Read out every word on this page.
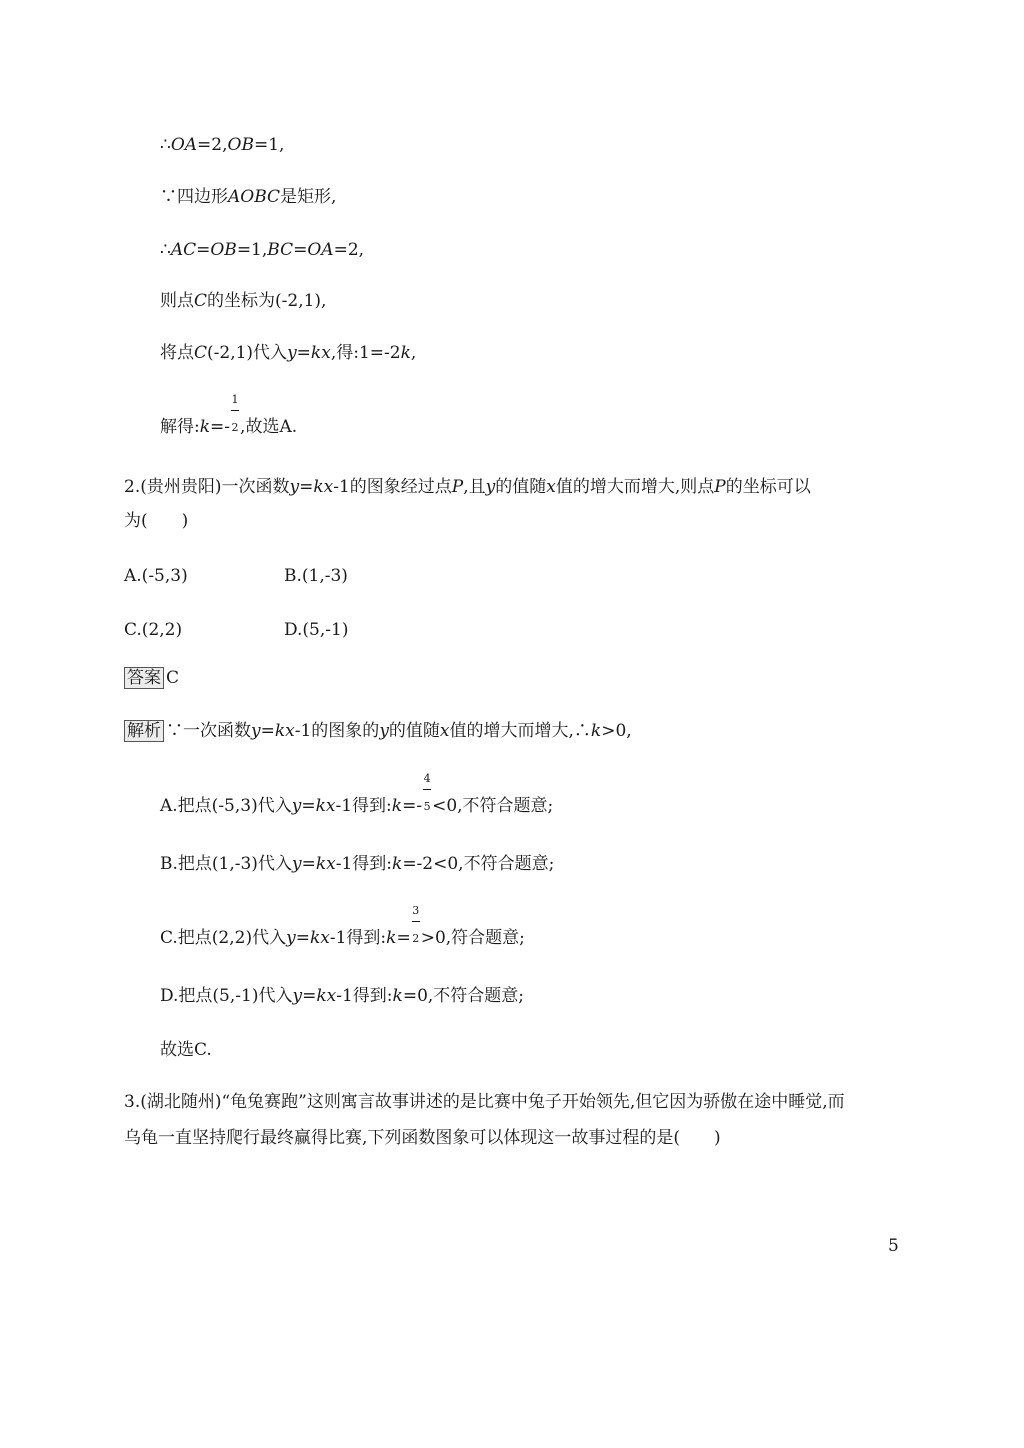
∴OA=2,OB=1,
∵四边形AOBC是矩形,
∴AC=OB=1,BC=OA=2,
则点C的坐标为(-2,1),
将点C(-2,1)代入y=kx,得:1=-2k,
解得:k=- $\frac{1}{2}$,故选A.
2.(贵州贵阳)一次函数y=kx-1的图象经过点P,且y的值随x值的增大而增大,则点P的坐标可以
为(　　)
A.(-5,3)	B.(1,-3)
C.(2,2)	D.(5,-1)
答案 C
解析 ∵一次函数y=kx-1的图象的y的值随x值的增大而增大,∴k>0,
A.把点(-5,3)代入y=kx-1得到:k=- $\frac{4}{5}<0$,不符合题意;
B.把点(1,-3)代入y=kx-1得到:k=-2<0,不符合题意;
C.把点(2,2)代入y=kx-1得到:k= $\frac{3}{2}>0$,符合题意;
D.把点(5,-1)代入y=kx-1得到:k=0,不符合题意;
故选C.
3.(湖北随州)“龟兔赛跑”这则寓言故事讲述的是比赛中兔子开始领先,但它因为骄傲在途中睡觉,而
乌龟一直坚持爬行最终赢得比赛,下列函数图象可以体现这一故事过程的是(　　)
5
